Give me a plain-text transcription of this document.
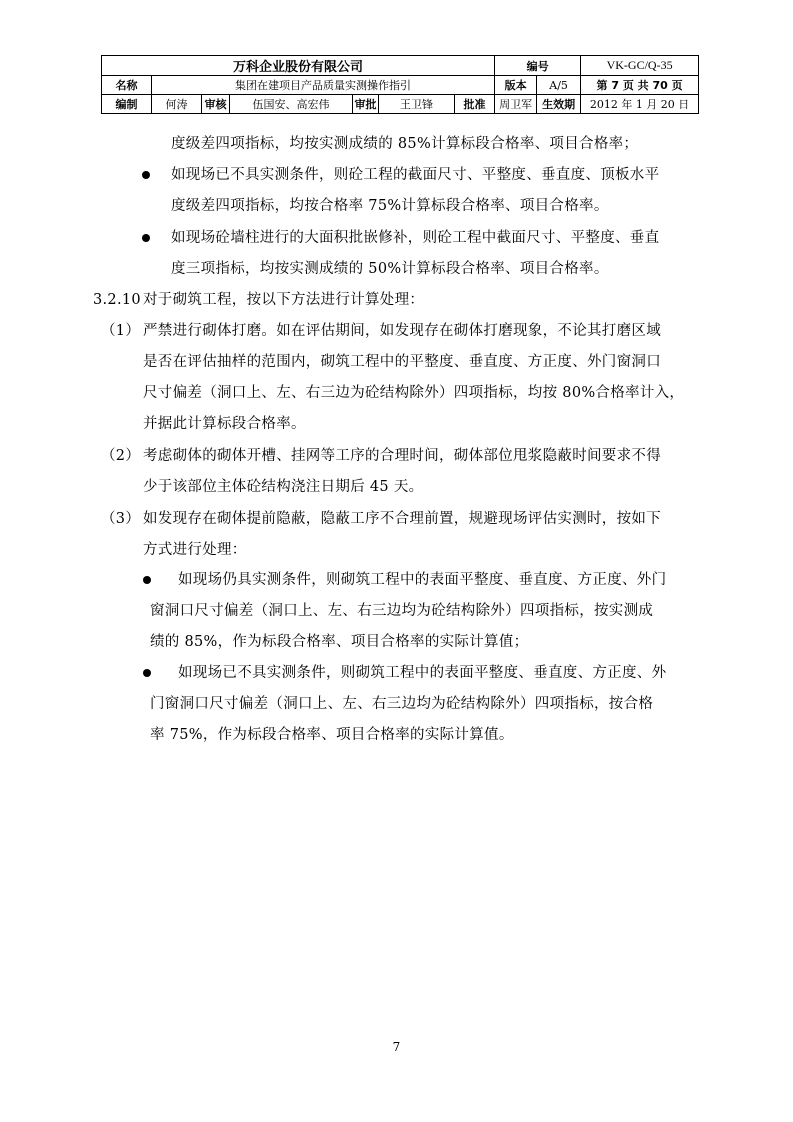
万科企业股份有限公司							编号		VK-GC/Q-35
名称	集团在建项目产品质量实测操作指引						版本	A/5	第 7 页 共 70 页
编制	何涛	审核	伍国安、高宏伟	审批	王卫锋	批准	周卫军	生效期	2012 年 1 月 20 日
度级差四项指标，均按实测成绩的 85%计算标段合格率、项目合格率；
如现场已不具实测条件，则砼工程的截面尺寸、平整度、垂直度、顶板水平
度级差四项指标，均按合格率 75%计算标段合格率、项目合格率。
如现场砼墙柱进行的大面积批嵌修补，则砼工程中截面尺寸、平整度、垂直
度三项指标，均按实测成绩的 50%计算标段合格率、项目合格率。
3.2.10 对于砌筑工程，按以下方法进行计算处理：
（1） 严禁进行砌体打磨。如在评估期间，如发现存在砌体打磨现象，不论其打磨区域
是否在评估抽样的范围内，砌筑工程中的平整度、垂直度、方正度、外门窗洞口
尺寸偏差（洞口上、左、右三边为砼结构除外）四项指标，均按 80%合格率计入，
并据此计算标段合格率。
（2） 考虑砌体的砌体开槽、挂网等工序的合理时间，砌体部位甩浆隐蔽时间要求不得
少于该部位主体砼结构浇注日期后 45 天。
（3） 如发现存在砌体提前隐蔽，隐蔽工序不合理前置，规避现场评估实测时，按如下
方式进行处理：
如现场仍具实测条件，则砌筑工程中的表面平整度、垂直度、方正度、外门
窗洞口尺寸偏差（洞口上、左、右三边均为砼结构除外）四项指标，按实测成
绩的 85%，作为标段合格率、项目合格率的实际计算值；
如现场已不具实测条件，则砌筑工程中的表面平整度、垂直度、方正度、外
门窗洞口尺寸偏差（洞口上、左、右三边均为砼结构除外）四项指标，按合格
率 75%，作为标段合格率、项目合格率的实际计算值。
7
